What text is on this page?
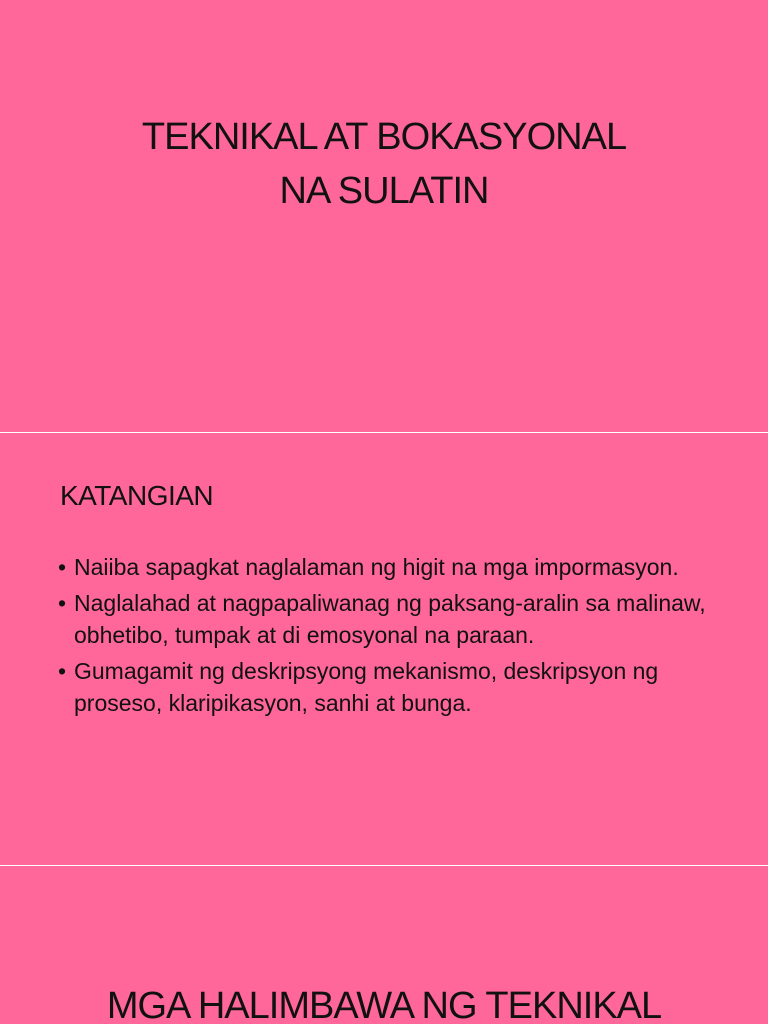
TEKNIKAL AT BOKASYONAL
NA SULATIN
KATANGIAN
• Naiiba sapagkat naglalaman ng higit na mga impormasyon.
• Naglalahad at nagpapaliwanag ng paksang-aralin sa malinaw, obhetibo, tumpak at di emosyonal na paraan.
• Gumagamit ng deskripsyong mekanismo, deskripsyon ng proseso, klaripikasyon, sanhi at bunga.
MGA HALIMBAWA NG TEKNIKAL
